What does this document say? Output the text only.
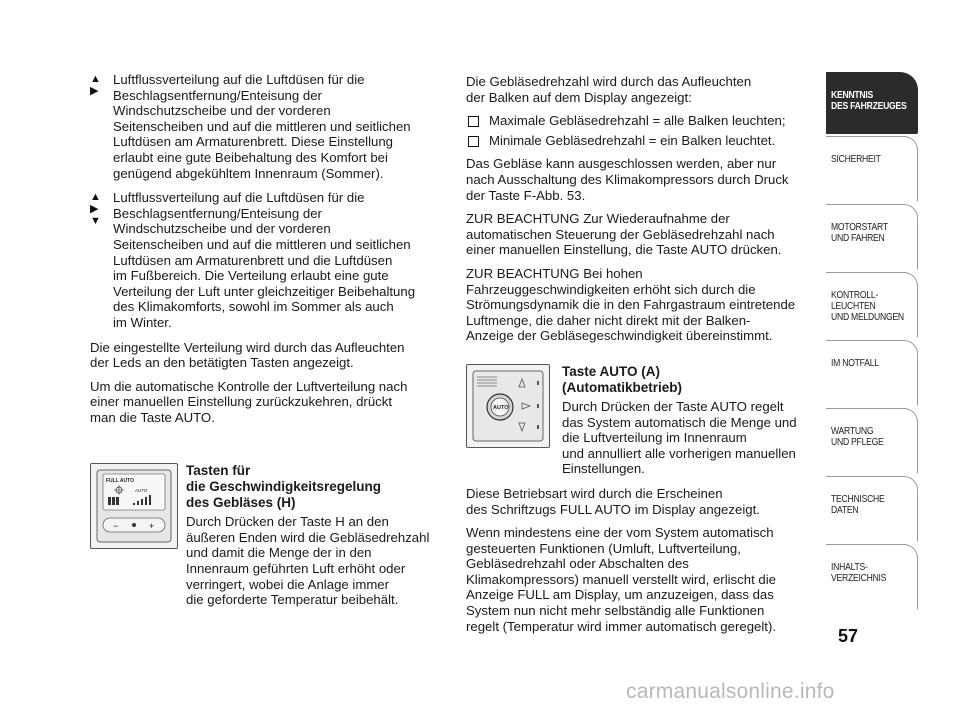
▲
▶
Luftflussverteilung auf die Luftdüsen für die
Beschlagsentfernung/Enteisung der
Windschutzscheibe und der vorderen
Seitenscheiben und auf die mittleren und seitlichen
Luftdüsen am Armaturenbrett. Diese Einstellung
erlaubt eine gute Beibehaltung des Komfort bei
genügend abgekühltem Innenraum (Sommer).
▲
▶
▼
Luftflussverteilung auf die Luftdüsen für die
Beschlagsentfernung/Enteisung der
Windschutzscheibe und der vorderen
Seitenscheiben und auf die mittleren und seitlichen
Luftdüsen am Armaturenbrett und die Luftdüsen
im Fußbereich. Die Verteilung erlaubt eine gute
Verteilung der Luft unter gleichzeitiger Beibehaltung
des Klimakomforts, sowohl im Sommer als auch
im Winter.

Die eingestellte Verteilung wird durch das Aufleuchten
der Leds an den betätigten Tasten angezeigt.

Um die automatische Kontrolle der Luftverteilung nach
einer manuellen Einstellung zurückzukehren, drückt
man die Taste AUTO.

FULL AUTO
AUTO
−	+
Tasten für
die Geschwindigkeitsregelung
des Gebläses (H)
Durch Drücken der Taste H an den
äußeren Enden wird die Gebläsedrehzahl
und damit die Menge der in den
Innenraum geführten Luft erhöht oder
verringert, wobei die Anlage immer
die geforderte Temperatur beibehält.

Die Gebläsedrehzahl wird durch das Aufleuchten
der Balken auf dem Display angezeigt:

Maximale Gebläsedrehzahl = alle Balken leuchten;
Minimale Gebläsedrehzahl = ein Balken leuchtet.

Das Gebläse kann ausgeschlossen werden, aber nur
nach Ausschaltung des Klimakompressors durch Druck
der Taste F-Abb. 53.

ZUR BEACHTUNG Zur Wiederaufnahme der
automatischen Steuerung der Gebläsedrehzahl nach
einer manuellen Einstellung, die Taste AUTO drücken.

ZUR BEACHTUNG Bei hohen
Fahrzeuggeschwindigkeiten erhöht sich durch die
Strömungsdynamik die in den Fahrgastraum eintretende
Luftmenge, die daher nicht direkt mit der Balken-
Anzeige der Gebläsegeschwindigkeit übereinstimmt.

AUTO
Taste AUTO (A)
(Automatikbetrieb)
Durch Drücken der Taste AUTO regelt
das System automatisch die Menge und
die Luftverteilung im Innenraum
und annulliert alle vorherigen manuellen
Einstellungen.

Diese Betriebsart wird durch die Erscheinen
des Schriftzugs FULL AUTO im Display angezeigt.

Wenn mindestens eine der vom System automatisch
gesteuerten Funktionen (Umluft, Luftverteilung,
Gebläsedrehzahl oder Abschalten des
Klimakompressors) manuell verstellt wird, erlischt die
Anzeige FULL am Display, um anzuzeigen, dass das
System nun nicht mehr selbständig alle Funktionen
regelt (Temperatur wird immer automatisch geregelt).

KENNTNIS
DES FAHRZEUGES
SICHERHEIT
MOTORSTART
UND FAHREN
KONTROLL-
LEUCHTEN
UND MELDUNGEN
IM NOTFALL
WARTUNG
UND PFLEGE
TECHNISCHE
DATEN
INHALTS-
VERZEICHNIS
57
carmanualsonline.info
